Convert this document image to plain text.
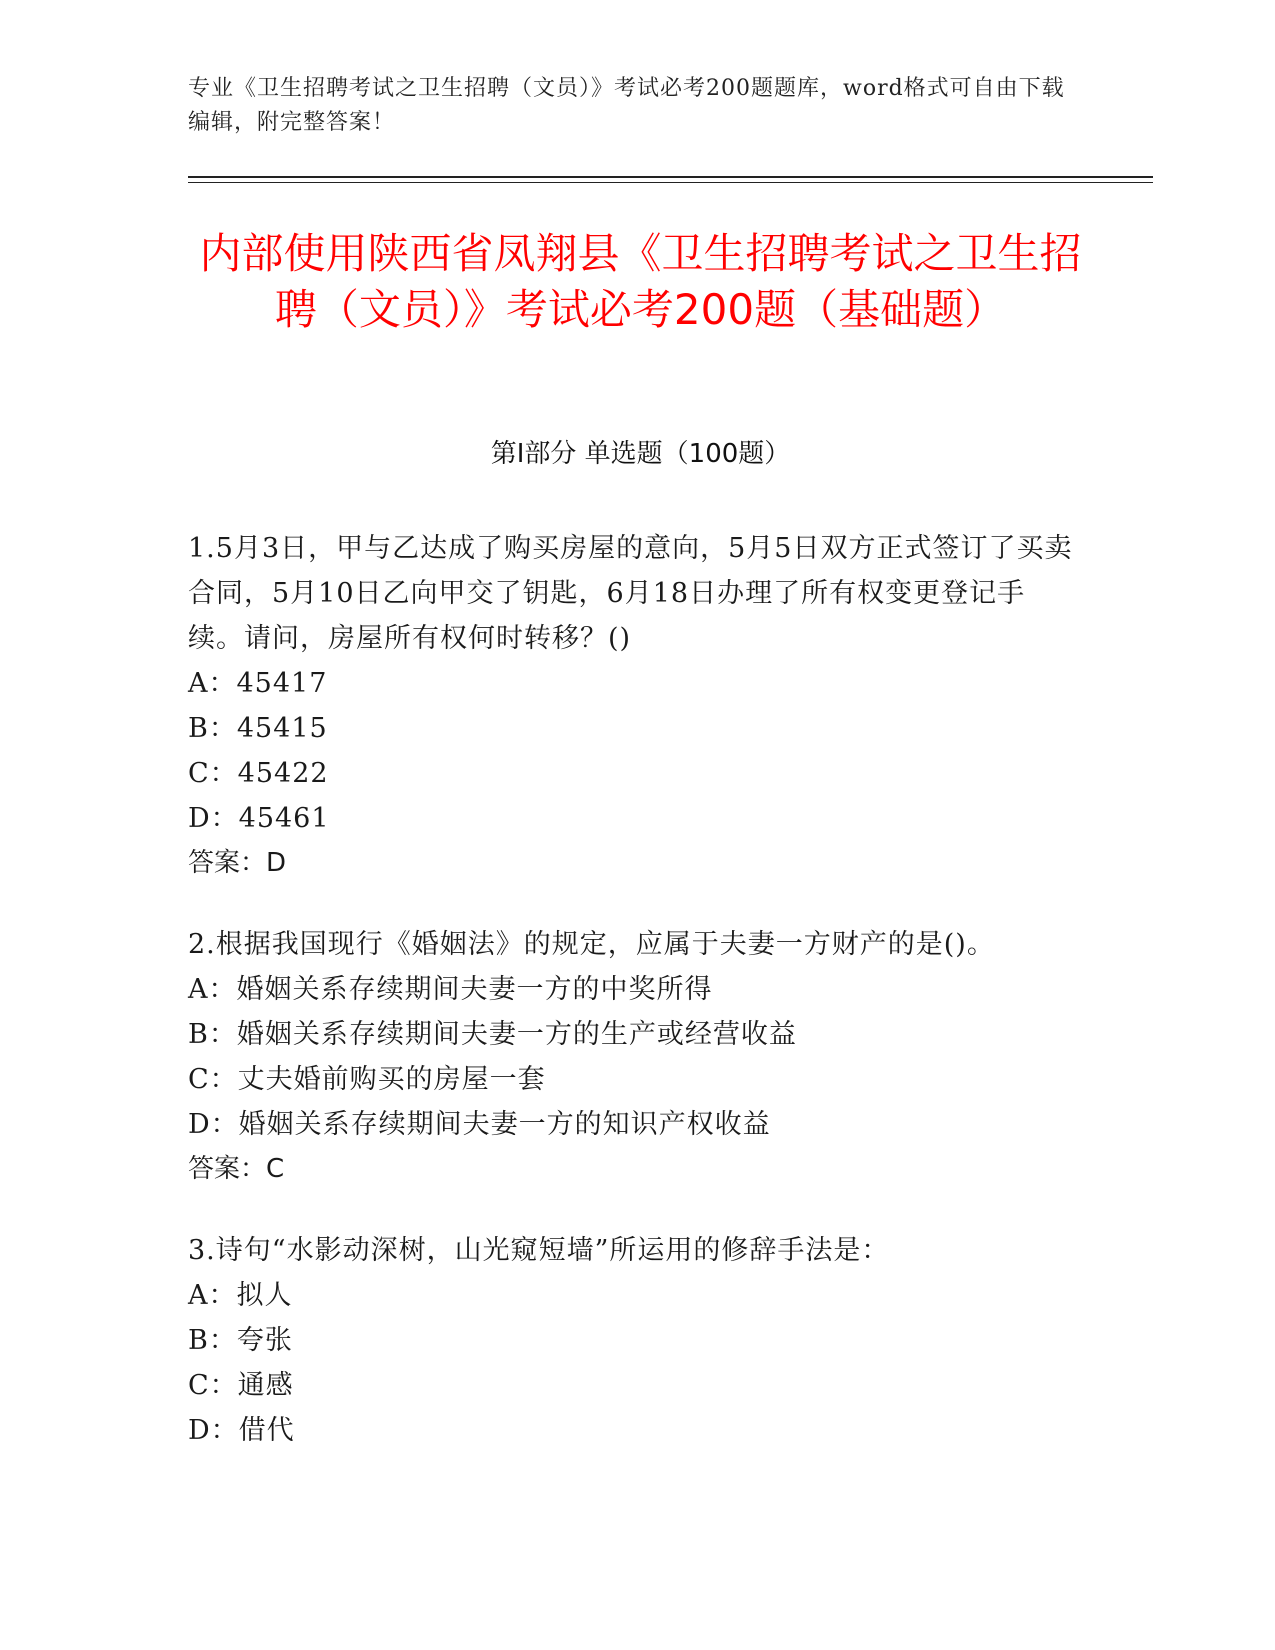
专业《卫生招聘考试之卫生招聘（文员）》考试必考200题题库，word格式可自由下载编辑，附完整答案！
内部使用陕西省凤翔县《卫生招聘考试之卫生招聘（文员）》考试必考200题（基础题）
第I部分 单选题（100题）
1.5月3日，甲与乙达成了购买房屋的意向，5月5日双方正式签订了买卖合同，5月10日乙向甲交了钥匙，6月18日办理了所有权变更登记手续。请问，房屋所有权何时转移？()
A：45417
B：45415
C：45422
D：45461
答案：D
2.根据我国现行《婚姻法》的规定，应属于夫妻一方财产的是()。
A：婚姻关系存续期间夫妻一方的中奖所得
B：婚姻关系存续期间夫妻一方的生产或经营收益
C：丈夫婚前购买的房屋一套
D：婚姻关系存续期间夫妻一方的知识产权收益
答案：C
3.诗句“水影动深树，山光窥短墙”所运用的修辞手法是：
A：拟人
B：夸张
C：通感
D：借代
